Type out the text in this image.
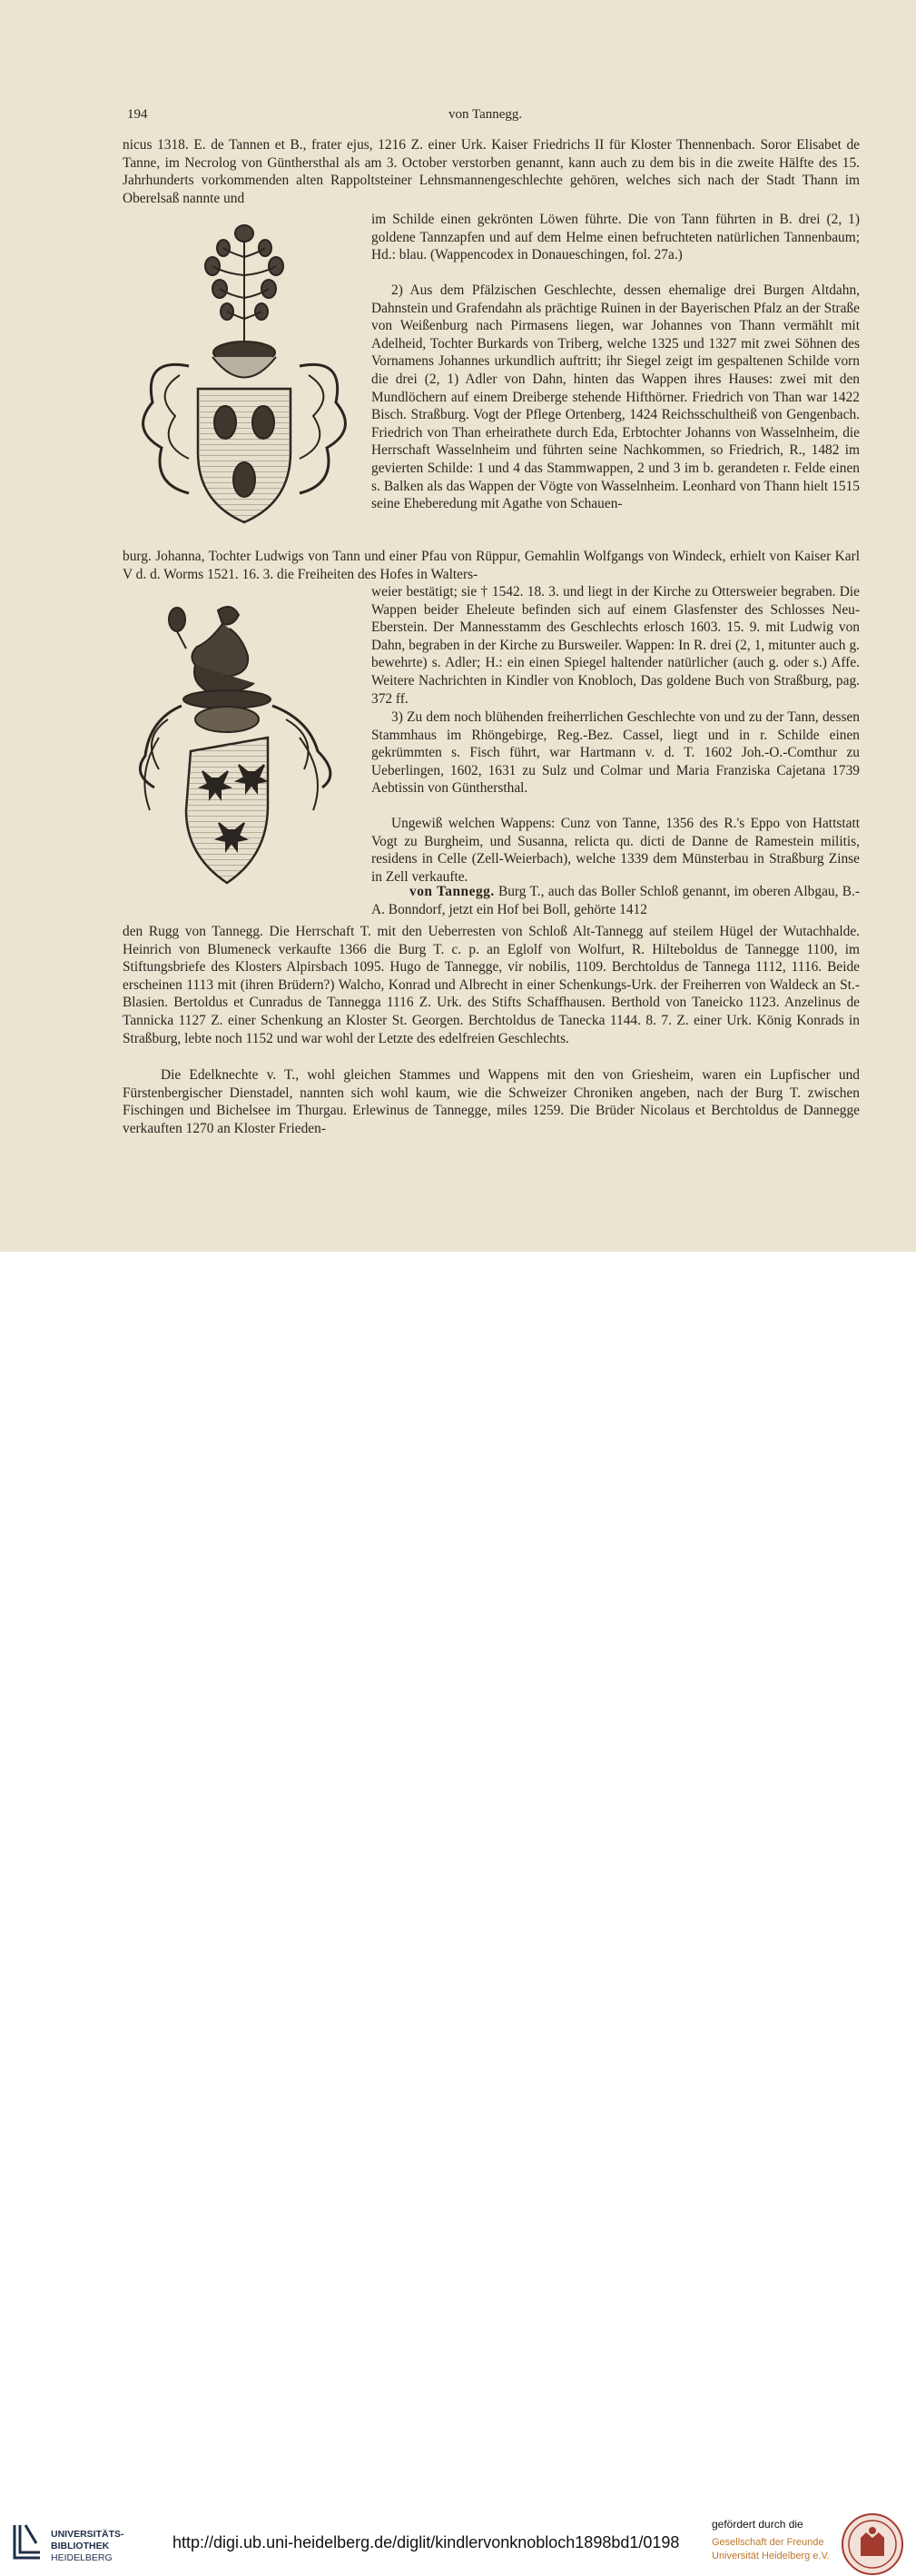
194	von Tannegg.

nicus 1318. E. de Tannen et B., frater ejus, 1216 Z. einer Urk. Kaiser Friedrichs II für Kloster Thennenbach. Soror Elisabet de Tanne, im Necrolog von Günthersthal als am 3. October verstorben genannt, kann auch zu dem bis in die zweite Hälfte des 15. Jahrhunderts vorkommenden alten Rappoltsteiner Lehnsmannengeschlechte gehören, welches sich nach der Stadt Thann im Oberelsaß nannte und

im Schilde einen gekrönten Löwen führte. Die von Tann führten in B. drei (2, 1) goldene Tannzapfen und auf dem Helme einen befruchteten natürlichen Tannenbaum; Hd.: blau. (Wappencodex in Donaueschingen, fol. 27a.)

2) Aus dem Pfälzischen Geschlechte, dessen ehemalige drei Burgen Altdahn, Dahnstein und Grafendahn als prächtige Ruinen in der Bayerischen Pfalz an der Straße von Weißenburg nach Pirmasens liegen, war Johannes von Thann vermählt mit Adelheid, Tochter Burkards von Triberg, welche 1325 und 1327 mit zwei Söhnen des Vornamens Johannes urkundlich auftritt; ihr Siegel zeigt im gespaltenen Schilde vorn die drei (2, 1) Adler von Dahn, hinten das Wappen ihres Hauses: zwei mit den Mundlöchern auf einem Dreiberge stehende Hifthörner. Friedrich von Than war 1422 Bisch. Straßburg. Vogt der Pflege Ortenberg, 1424 Reichsschultheiß von Gengenbach. Friedrich von Than erheirathete durch Eda, Erbtochter Johanns von Wasselnheim, die Herrschaft Wasselnheim und führten seine Nachkommen, so Friedrich, R., 1482 im gevierten Schilde: 1 und 4 das Stammwappen, 2 und 3 im b. gerandeten r. Felde einen s. Balken als das Wappen der Vögte von Wasselnheim. Leonhard von Thann hielt 1515 seine Eheberedung mit Agathe von Schauen-

burg. Johanna, Tochter Ludwigs von Tann und einer Pfau von Rüppur, Gemahlin Wolfgangs von Windeck, erhielt von Kaiser Karl V d. d. Worms 1521. 16. 3. die Freiheiten des Hofes in Walters-

weier bestätigt; sie † 1542. 18. 3. und liegt in der Kirche zu Ottersweier begraben. Die Wappen beider Eheleute befinden sich auf einem Glasfenster des Schlosses Neu-Eberstein. Der Mannesstamm des Geschlechts erlosch 1603. 15. 9. mit Ludwig von Dahn, begraben in der Kirche zu Bursweiler. Wappen: In R. drei (2, 1, mitunter auch g. bewehrte) s. Adler; H.: ein einen Spiegel haltender natürlicher (auch g. oder s.) Affe. Weitere Nachrichten in Kindler von Knobloch, Das goldene Buch von Straßburg, pag. 372 ff.

3) Zu dem noch blühenden freiherrlichen Geschlechte von und zu der Tann, dessen Stammhaus im Rhöngebirge, Reg.-Bez. Cassel, liegt und in r. Schilde einen gekrümmten s. Fisch führt, war Hartmann v. d. T. 1602 Joh.-O.-Comthur zu Ueberlingen, 1602, 1631 zu Sulz und Colmar und Maria Franziska Cajetana 1739 Aebtissin von Günthersthal.

Ungewiß welchen Wappens: Cunz von Tanne, 1356 des R.'s Eppo von Hattstatt Vogt zu Burgheim, und Susanna, relicta qu. dicti de Danne de Ramestein militis, residens in Celle (Zell-Weierbach), welche 1339 dem Münsterbau in Straßburg Zinse in Zell verkaufte.

von Tannegg. Burg T., auch das Boller Schloß genannt, im oberen Albgau, B.-A. Bonndorf, jetzt ein Hof bei Boll, gehörte 1412

den Rugg von Tannegg. Die Herrschaft T. mit den Ueberresten von Schloß Alt-Tannegg auf steilem Hügel der Wutachhalde. Heinrich von Blumeneck verkaufte 1366 die Burg T. c. p. an Eglolf von Wolfurt, R. Hilteboldus de Tannegge 1100, im Stiftungsbriefe des Klosters Alpirsbach 1095. Hugo de Tannegge, vir nobilis, 1109. Berchtoldus de Tannega 1112, 1116. Beide erscheinen 1113 mit (ihren Brüdern?) Walcho, Konrad und Albrecht in einer Schenkungs-Urk. der Freiherren von Waldeck an St.-Blasien. Bertoldus et Cunradus de Tannegga 1116 Z. Urk. des Stifts Schaffhausen. Berthold von Taneicko 1123. Anzelinus de Tannicka 1127 Z. einer Schenkung an Kloster St. Georgen. Berchtoldus de Tanecka 1144. 8. 7. Z. einer Urk. König Konrads in Straßburg, lebte noch 1152 und war wohl der Letzte des edelfreien Geschlechts.

Die Edelknechte v. T., wohl gleichen Stammes und Wappens mit den von Griesheim, waren ein Lupfischer und Fürstenbergischer Dienstadel, nannten sich wohl kaum, wie die Schweizer Chroniken angeben, nach der Burg T. zwischen Fischingen und Bichelsee im Thurgau. Erlewinus de Tannegge, miles 1259. Die Brüder Nicolaus et Berchtoldus de Dannegge verkauften 1270 an Kloster Frieden-

UNIVERSITÄTS-
BIBLIOTHEK
HEIDELBERG
http://digi.ub.uni-heidelberg.de/diglit/kindlervonknobloch1898bd1/0198
gefördert durch die
Gesellschaft der Freunde
Universität Heidelberg e.V.
